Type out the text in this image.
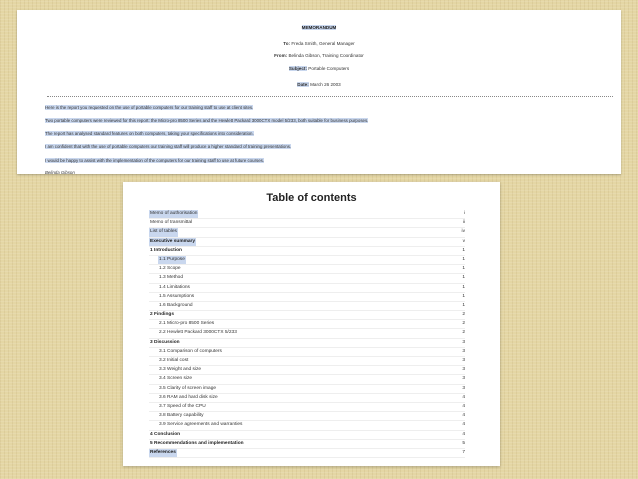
MEMORANDUM
To: Freda Smith, General Manager
From: Belinda Gibson, Training Coordinator
Subject: Portable Computers
Date: March 26 2003
Here is the report you requested on the use of portable computers for our training staff to use at client sites.
Two portable computers were reviewed for this report: the Micro-pro 8500 Series and the Hewlett Packard 3000CTX model 5/233, both suitable for business purposes.
The report has analysed standard features on both computers, taking your specifications into consideration.
I am confident that with the use of portable computers our training staff will produce a higher standard of training presentations.
I would be happy to assist with the implementation of the computers for our training staff to use at future courses.
Belinda Gibson
Table of contents
Memo of authorisation	i
Memo of transmittal	ii
List of tables	iv
Executive summary	v
1 Introduction	1
1.1 Purpose	1
1.2 Scope	1
1.3 Method	1
1.4 Limitations	1
1.5 Assumptions	1
1.6 Background	1
2 Findings	2
2.1 Micro-pro 8500 Series	2
2.2 Hewlett Packard 3000CTX 5/233	2
3 Discussion	3
3.1 Comparison of computers	3
3.2 Initial cost	3
3.3 Weight and size	3
3.4 Screen size	3
3.5 Clarity of screen image	3
3.6 RAM and hard disk size	4
3.7 Speed of the CPU	4
3.8 Battery capability	4
3.9 Service agreements and warranties	4
4 Conclusion	4
5 Recommendations and implementation	5
References	7
